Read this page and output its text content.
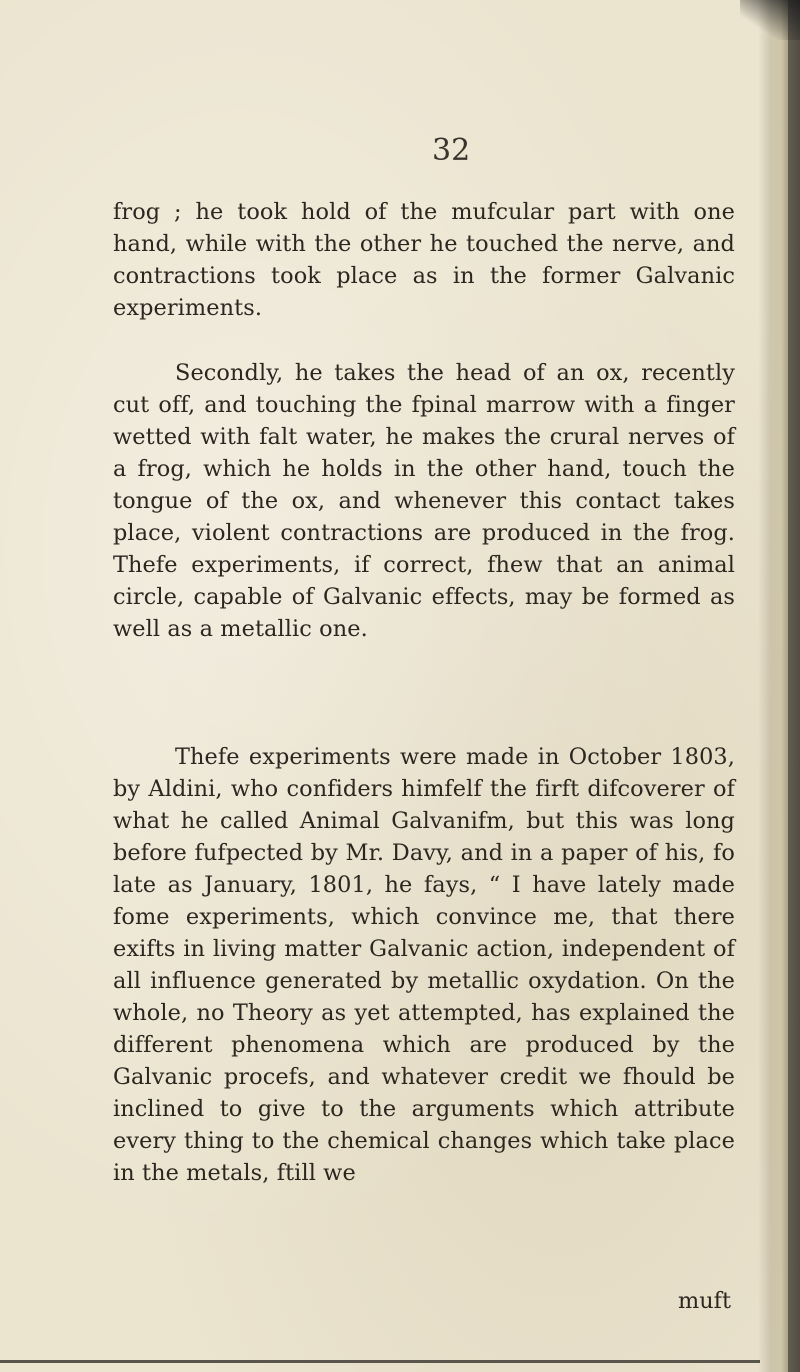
32

frog ; he took hold of the mufcular part with one hand, while with the other he touched the nerve, and contractions took place as in the former Galvanic experiments.

Secondly, he takes the head of an ox, recently cut off, and touching the fpinal marrow with a finger wetted with falt water, he makes the crural nerves of a frog, which he holds in the other hand, touch the tongue of the ox, and whenever this contact takes place, violent contractions are produced in the frog. Thefe experiments, if correct, fhew that an animal circle, capable of Galvanic effects, may be formed as well as a metallic one.

Thefe experiments were made in October 1803, by Aldini, who confiders himfelf the firft difcoverer of what he called Animal Galvanifm, but this was long before fufpected by Mr. Davy, and in a paper of his, fo late as January, 1801, he fays, “ I have lately made fome experiments, which convince me, that there exifts in living matter Galvanic action, independent of all influence generated by metallic oxydation. On the whole, no Theory as yet attempted, has explained the different phenomena which are produced by the Galvanic procefs, and whatever credit we fhould be inclined to give to the arguments which attribute every thing to the chemical changes which take place in the metals, ftill we

muft
